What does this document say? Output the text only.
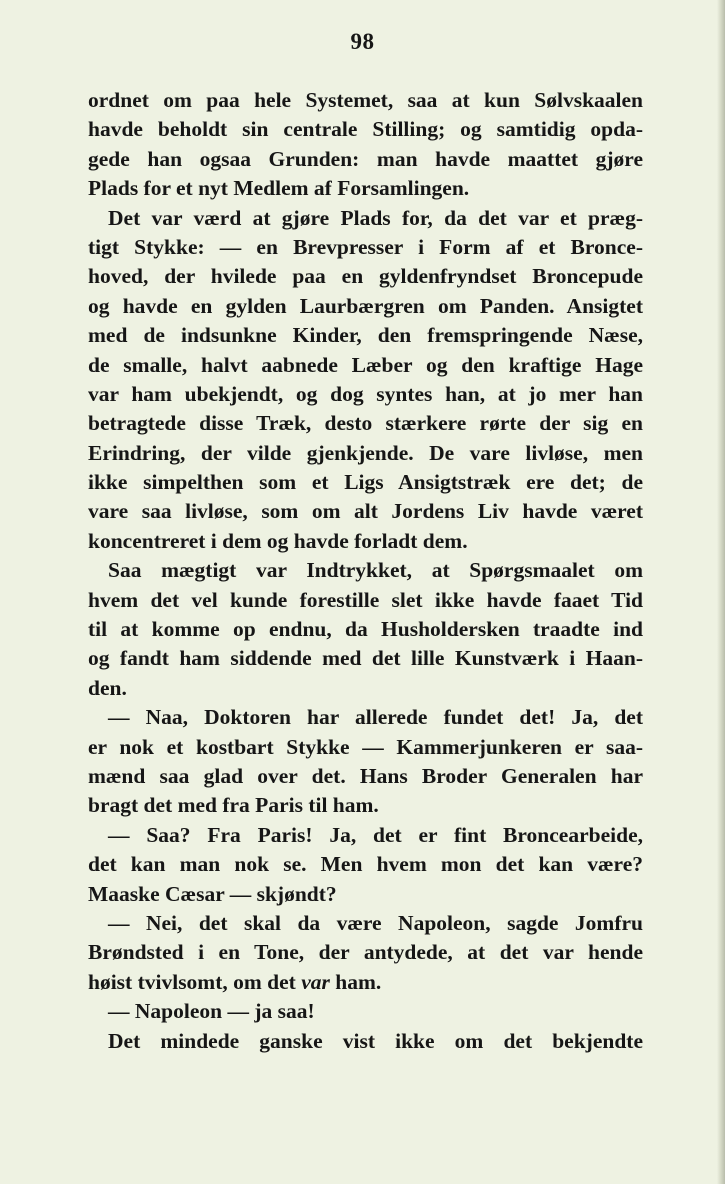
98
ordnet om paa hele Systemet, saa at kun Sølvskaalen
havde beholdt sin centrale Stilling; og samtidig opda-
gede han ogsaa Grunden: man havde maattet gjøre
Plads for et nyt Medlem af Forsamlingen.
Det var værd at gjøre Plads for, da det var et præg-
tigt Stykke: — en Brevpresser i Form af et Bronce-
hoved, der hvilede paa en gyldenfryndset Broncepude
og havde en gylden Laurbærgren om Panden. Ansigtet
med de indsunkne Kinder, den fremspringende Næse,
de smalle, halvt aabnede Læber og den kraftige Hage
var ham ubekjendt, og dog syntes han, at jo mer han
betragtede disse Træk, desto stærkere rørte der sig en
Erindring, der vilde gjenkjende. De vare livløse, men
ikke simpelthen som et Ligs Ansigtstræk ere det; de
vare saa livløse, som om alt Jordens Liv havde været
koncentreret i dem og havde forladt dem.
Saa mægtigt var Indtrykket, at Spørgsmaalet om
hvem det vel kunde forestille slet ikke havde faaet Tid
til at komme op endnu, da Husholdersken traadte ind
og fandt ham siddende med det lille Kunstværk i Haan-
den.
— Naa, Doktoren har allerede fundet det! Ja, det
er nok et kostbart Stykke — Kammerjunkeren er saa-
mænd saa glad over det. Hans Broder Generalen har
bragt det med fra Paris til ham.
— Saa? Fra Paris! Ja, det er fint Broncearbeide,
det kan man nok se. Men hvem mon det kan være?
Maaske Cæsar — skjøndt?
— Nei, det skal da være Napoleon, sagde Jomfru
Brøndsted i en Tone, der antydede, at det var hende
høist tvivlsomt, om det var ham.
— Napoleon — ja saa!
Det mindede ganske vist ikke om det bekjendte
